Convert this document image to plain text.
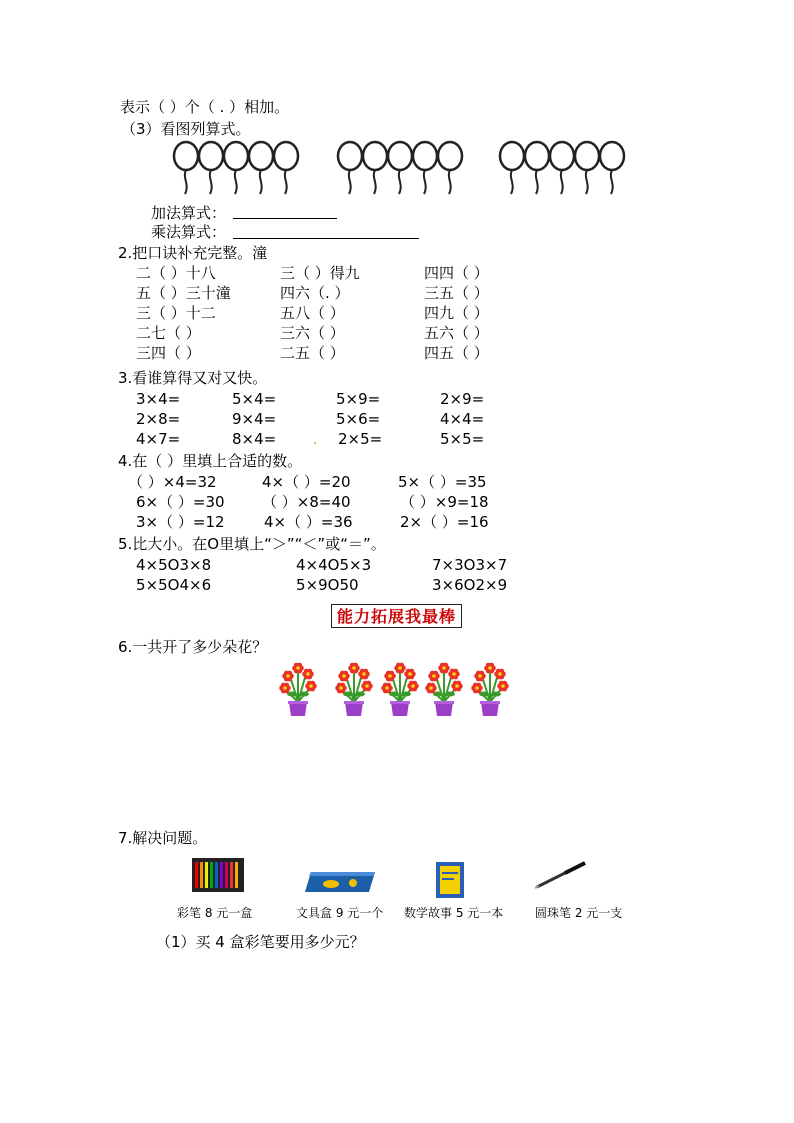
表示（ ）个（ . ）相加。
（3）看图列算式。
加法算式：
乘法算式：
2.把口诀补充完整。潼
二（ ）十八	三（ ）得九	四四（ ）
五（ ）三十潼	四六（. ）	三五（ ）
三（ ）十二	五八（ ）	四九（ ）
二七（ ）	三六（ ）	五六（ ）
三四（ ）	二五（ ）	四五（ ）
3.看谁算得又对又快。
3×4=	5×4=	5×9=	2×9=
2×8=	9×4=	5×6=	4×4=
4×7=	8×4=	2×5=	5×5=
.
4.在（ ）里填上合适的数。
（ ）×4=32	4×（ ）=20	5×（ ）=35
6×（ ）=30 （ ）×8=40	（ ）×9=18
3×（ ）=12	4×（ ）=36	2×（ ）=16
5.比大小。在O里填上“＞”“＜”或“＝”。
4×5O3×8	4×4O5×3	7×3O3×7
5×5O4×6	5×9O50	3×6O2×9
能力拓展我最棒
6.一共开了多少朵花？
7.解决问题。
彩笔 8 元一盒	文具盒 9 元一个 数学故事 5 元一本	圆珠笔 2 元一支
（1）买 4 盒彩笔要用多少元？
